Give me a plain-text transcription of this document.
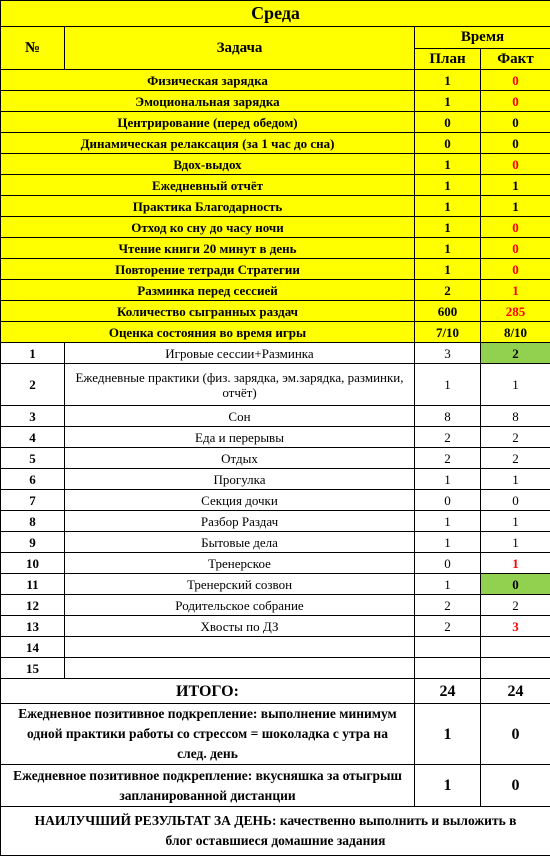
Среда			
№	Задача	Время	
		План	Факт
Физическая зарядка		1	0
Эмоциональная зарядка		1	0
Центрирование (перед обедом)		0	0
Динамическая релаксация (за 1 час до сна)		0	0
Вдох-выдох		1	0
Ежедневный отчёт		1	1
Практика Благодарность		1	1
Отход ко сну до часу ночи		1	0
Чтение книги 20 минут в день		1	0
Повторение тетради Стратегии		1	0
Разминка перед сессией		2	1
Количество сыгранных раздач		600	285
Оценка состояния во время игры		7/10	8/10
1	Игровые сессии+Разминка	3	2
2	Ежедневные практики (физ. зарядка, эм.зарядка, разминки, отчёт)	1	1
3	Сон	8	8
4	Еда и перерывы	2	2
5	Отдых	2	2
6	Прогулка	1	1
7	Секция дочки	0	0
8	Разбор Раздач	1	1
9	Бытовые дела	1	1
10	Тренерское	0	1
11	Тренерский созвон	1	0
12	Родительское собрание	2	2
13	Хвосты по ДЗ	2	3
14			
15			
ИТОГО:		24	24
Ежедневное позитивное подкрепление: выполнение минимум одной практики работы со стрессом = шоколадка с утра на след. день		1	0
Ежедневное позитивное подкрепление: вкусняшка за отыгрыш запланированной дистанции		1	0
НАИЛУЧШИЙ РЕЗУЛЬТАТ ЗА ДЕНЬ: качественно выполнить и выложить в блог оставшиеся домашние задания			
